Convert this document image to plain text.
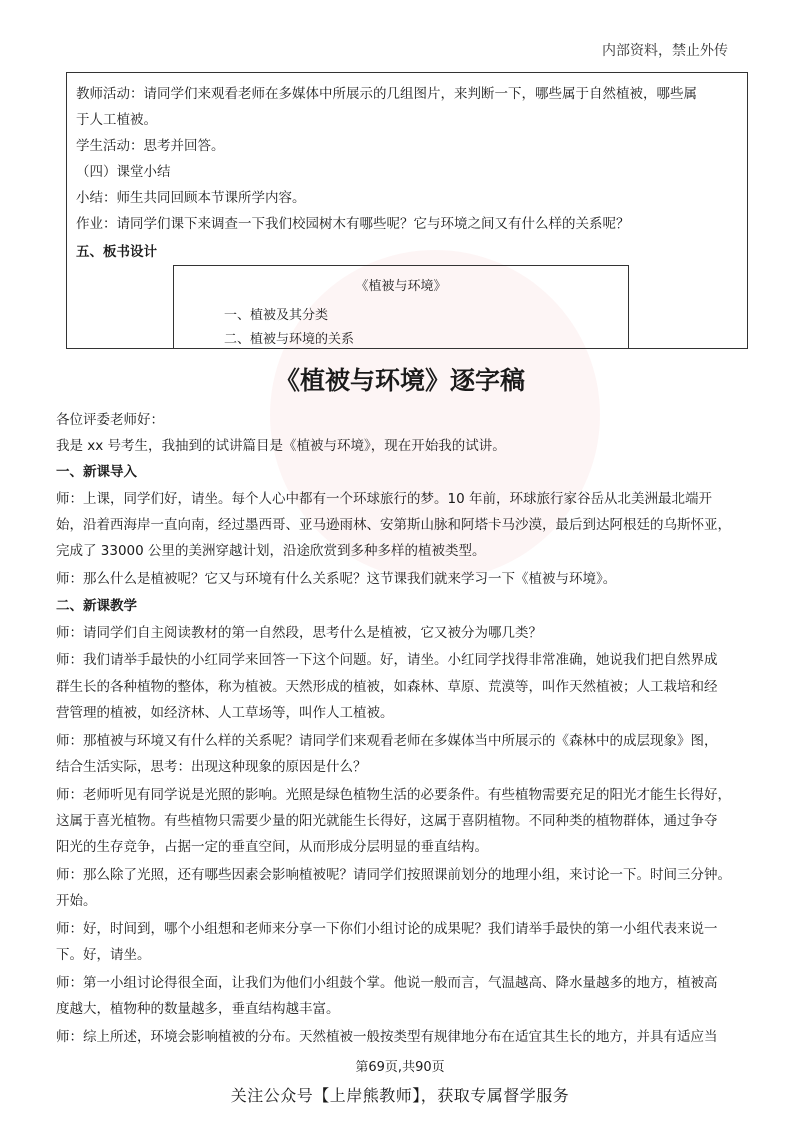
内部资料，禁止外传
教师活动：请同学们来观看老师在多媒体中所展示的几组图片，来判断一下，哪些属于自然植被，哪些属
于人工植被。
学生活动：思考并回答。
（四）课堂小结
小结：师生共同回顾本节课所学内容。
作业：请同学们课下来调查一下我们校园树木有哪些呢？它与环境之间又有什么样的关系呢？
五、板书设计
《植被与环境》
一、植被及其分类
二、植被与环境的关系
《植被与环境》逐字稿
各位评委老师好：
我是 xx 号考生，我抽到的试讲篇目是《植被与环境》，现在开始我的试讲。
一、新课导入
师：上课，同学们好，请坐。每个人心中都有一个环球旅行的梦。10 年前，环球旅行家谷岳从北美洲最北端开
始，沿着西海岸一直向南，经过墨西哥、亚马逊雨林、安第斯山脉和阿塔卡马沙漠，最后到达阿根廷的乌斯怀亚，
完成了 33000 公里的美洲穿越计划，沿途欣赏到多种多样的植被类型。
师：那么什么是植被呢？它又与环境有什么关系呢？这节课我们就来学习一下《植被与环境》。
二、新课教学
师：请同学们自主阅读教材的第一自然段，思考什么是植被，它又被分为哪几类？
师：我们请举手最快的小红同学来回答一下这个问题。好，请坐。小红同学找得非常准确，她说我们把自然界成
群生长的各种植物的整体，称为植被。天然形成的植被，如森林、草原、荒漠等，叫作天然植被；人工栽培和经
营管理的植被，如经济林、人工草场等，叫作人工植被。
师：那植被与环境又有什么样的关系呢？请同学们来观看老师在多媒体当中所展示的《森林中的成层现象》图，
结合生活实际，思考：出现这种现象的原因是什么？
师：老师听见有同学说是光照的影响。光照是绿色植物生活的必要条件。有些植物需要充足的阳光才能生长得好，
这属于喜光植物。有些植物只需要少量的阳光就能生长得好，这属于喜阴植物。不同种类的植物群体，通过争夺
阳光的生存竞争，占据一定的垂直空间，从而形成分层明显的垂直结构。
师：那么除了光照，还有哪些因素会影响植被呢？请同学们按照课前划分的地理小组，来讨论一下。时间三分钟。
开始。
师：好，时间到，哪个小组想和老师来分享一下你们小组讨论的成果呢？我们请举手最快的第一小组代表来说一
下。好，请坐。
师：第一小组讨论得很全面，让我们为他们小组鼓个掌。他说一般而言，气温越高、降水量越多的地方，植被高
度越大，植物种的数量越多，垂直结构越丰富。
师：综上所述，环境会影响植被的分布。天然植被一般按类型有规律地分布在适宜其生长的地方，并具有适应当
第69页,共90页
关注公众号【上岸熊教师】，获取专属督学服务
